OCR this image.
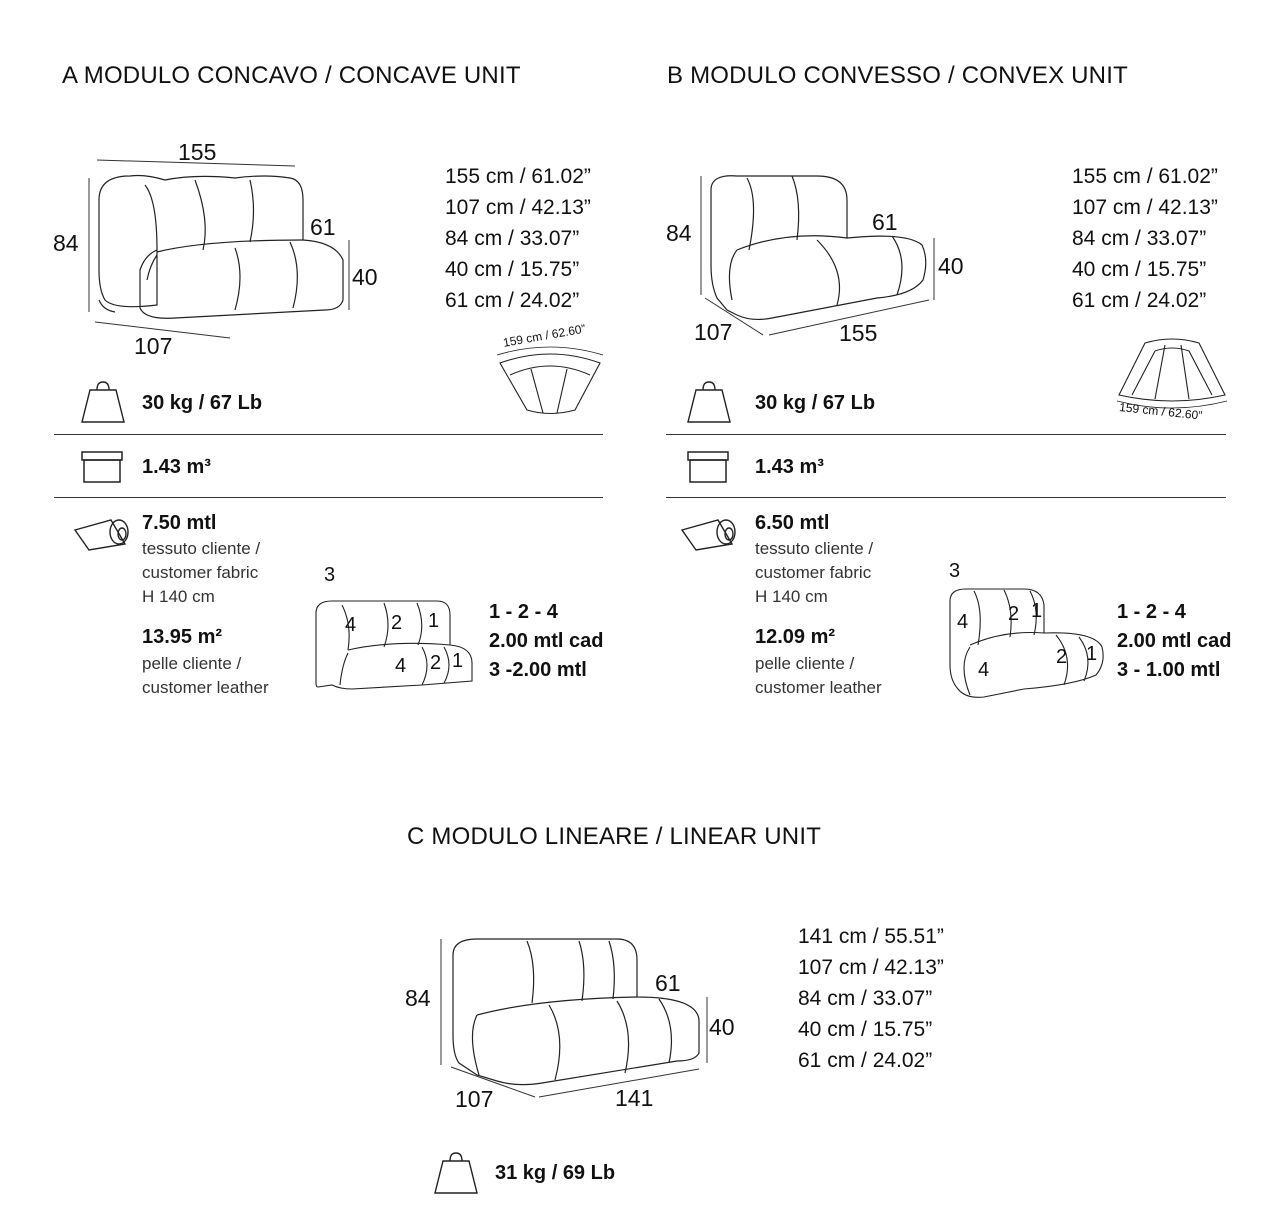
A MODULO CONCAVO / CONCAVE UNIT
155
84
61
40
107
155 cm / 61.02”
107 cm / 42.13”
84 cm / 33.07”
40 cm / 15.75”
61 cm / 24.02”
159 cm / 62.60”
30 kg / 67 Lb
1.43 m³
7.50 mtl
tessuto cliente /
customer fabric
H 140 cm
13.95 m²
pelle cliente /
customer leather
3
4 2 1
4 2 1
1 - 2 - 4
2.00 mtl cad
3 -2.00 mtl
B MODULO CONVESSO / CONVEX UNIT
84	61
40
107	155
155 cm / 61.02”
107 cm / 42.13”
84 cm / 33.07”
40 cm / 15.75”
61 cm / 24.02”
159 cm / 62.60”
30 kg / 67 Lb
1.43 m³
6.50 mtl
tessuto cliente /
customer fabric
H 140 cm
12.09 m²
pelle cliente /
customer leather
3
4 2 1
4
2 1
1 - 2 - 4
2.00 mtl cad
3 - 1.00 mtl
C MODULO LINEARE / LINEAR UNIT
84
61
40
107	141
141 cm / 55.51”
107 cm / 42.13”
84 cm / 33.07”
40 cm / 15.75”
61 cm / 24.02”
31 kg / 69 Lb
